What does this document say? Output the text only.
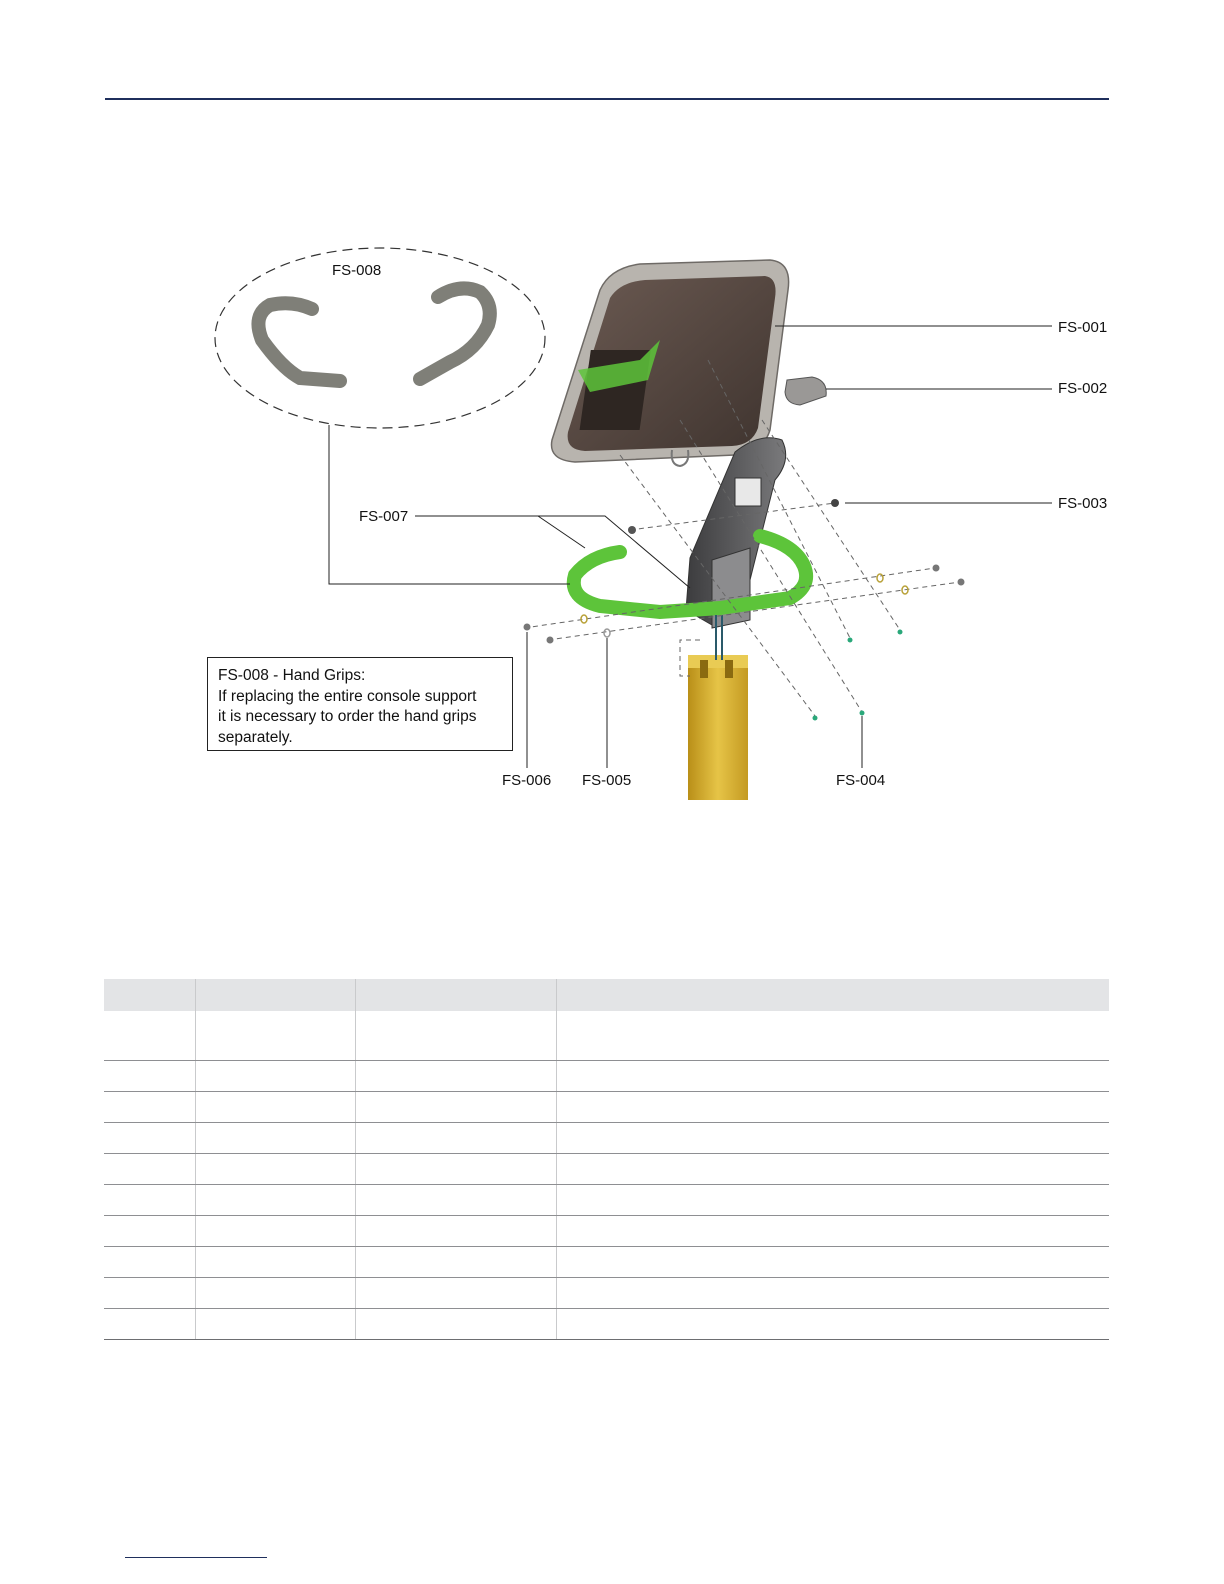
FS-008
FS-001
FS-002
FS-003
FS-007
FS-006 FS-005	FS-004
FS-008 - Hand Grips:
If replacing the entire console support
it is necessary to order the hand grips
separately.
